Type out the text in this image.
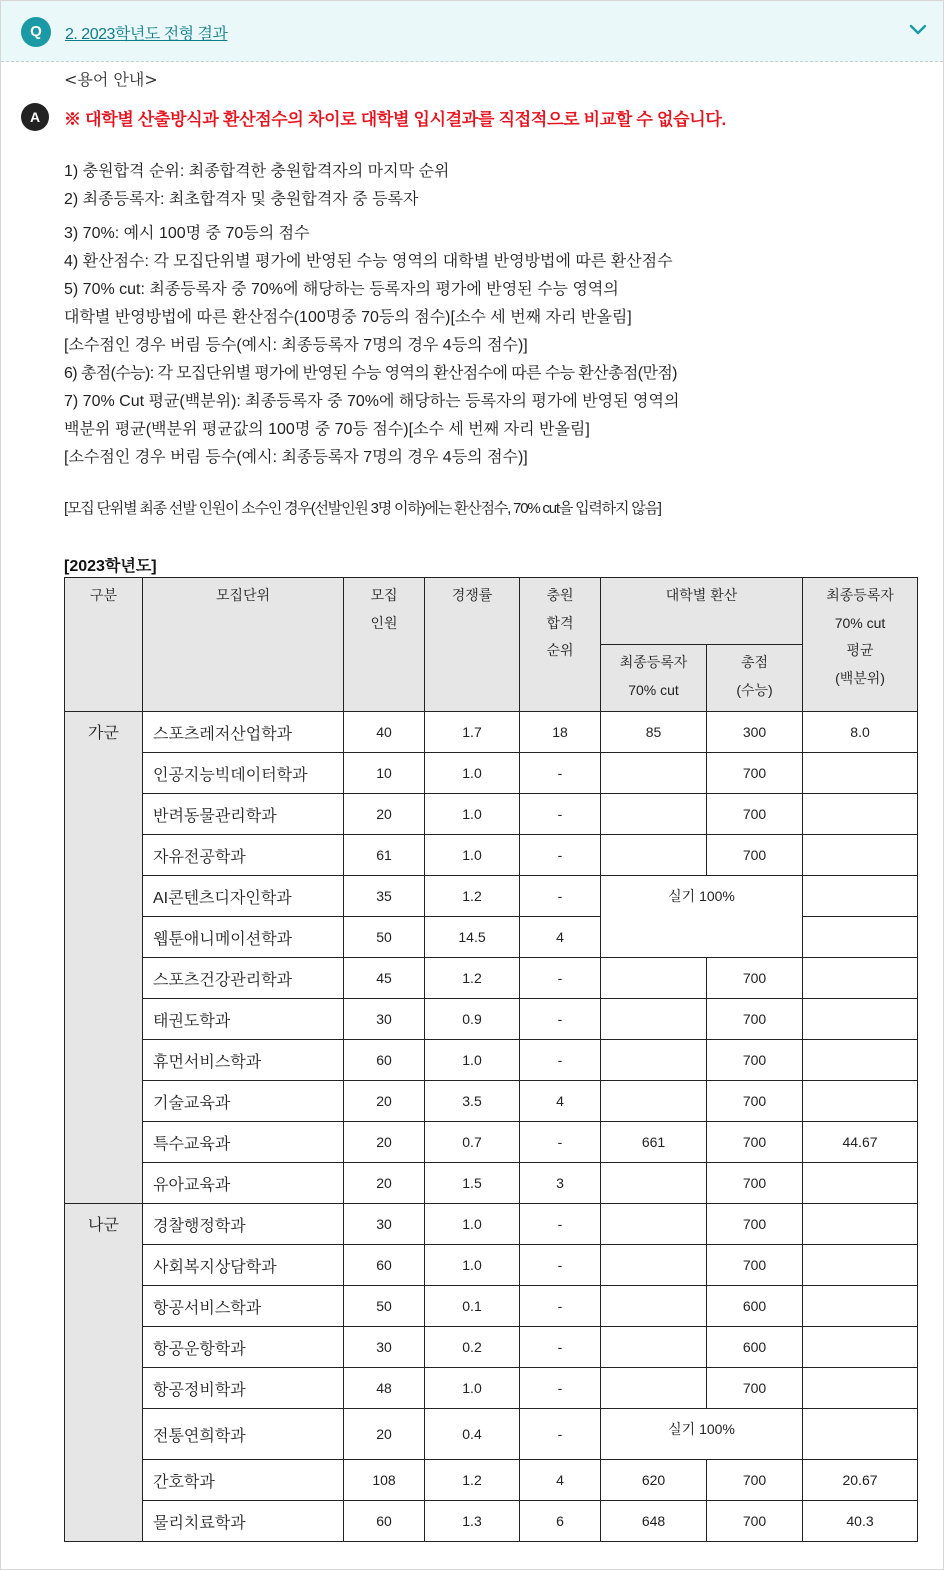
Q	2. 2023학년도 전형 결과
A
<용어 안내>
※ 대학별 산출방식과 환산점수의 차이로 대학별 입시결과를 직접적으로 비교할 수 없습니다.
1) 충원합격 순위: 최종합격한 충원합격자의 마지막 순위
2) 최종등록자: 최초합격자 및 충원합격자 중 등록자
3) 70%: 예시 100명 중 70등의 점수
4) 환산점수: 각 모집단위별 평가에 반영된 수능 영역의 대학별 반영방법에 따른 환산점수
5) 70% cut: 최종등록자 중 70%에 해당하는 등록자의 평가에 반영된 수능 영역의
대학별 반영방법에 따른 환산점수(100명중 70등의 점수)[소수 세 번째 자리 반올림]
[소수점인 경우 버림 등수(예시: 최종등록자 7명의 경우 4등의 점수)]
6) 총점(수능): 각 모집단위별 평가에 반영된 수능 영역의 환산점수에 따른 수능 환산총점(만점)
7) 70% Cut 평균(백분위): 최종등록자 중 70%에 해당하는 등록자의 평가에 반영된 영역의
백분위 평균(백분위 평균값의 100명 중 70등 점수)[소수 세 번째 자리 반올림]
[소수점인 경우 버림 등수(예시: 최종등록자 7명의 경우 4등의 점수)]
[모집 단위별 최종 선발 인원이 소수인 경우(선발인원 3명 이하)에는 환산점수, 70% cut을 입력하지 않음]
[2023학년도]
구분	모집단위	모집
인원	경쟁률	충원
합격
순위	대학별 환산		최종등록자
70% cut
평균
(백분위)
					최종등록자
70% cut	총점
(수능)	
가군	스포츠레저산업학과	40	1.7	18	85	300	8.0
	인공지능빅데이터학과	10	1.0	-		700	
	반려동물관리학과	20	1.0	-		700	
	자유전공학과	61	1.0	-		700	
	AI콘텐츠디자인학과	35	1.2	-	실기 100%		
	웹툰애니메이션학과	50	14.5	4			
	스포츠건강관리학과	45	1.2	-		700	
	태권도학과	30	0.9	-		700	
	휴먼서비스학과	60	1.0	-		700	
	기술교육과	20	3.5	4		700	
	특수교육과	20	0.7	-	661	700	44.67
	유아교육과	20	1.5	3		700	
나군	경찰행정학과	30	1.0	-		700	
	사회복지상담학과	60	1.0	-		700	
	항공서비스학과	50	0.1	-		600	
	항공운항학과	30	0.2	-		600	
	항공정비학과	48	1.0	-		700	
	전통연희학과	20	0.4	-	실기 100%		
	간호학과	108	1.2	4	620	700	20.67
	물리치료학과	60	1.3	6	648	700	40.3
